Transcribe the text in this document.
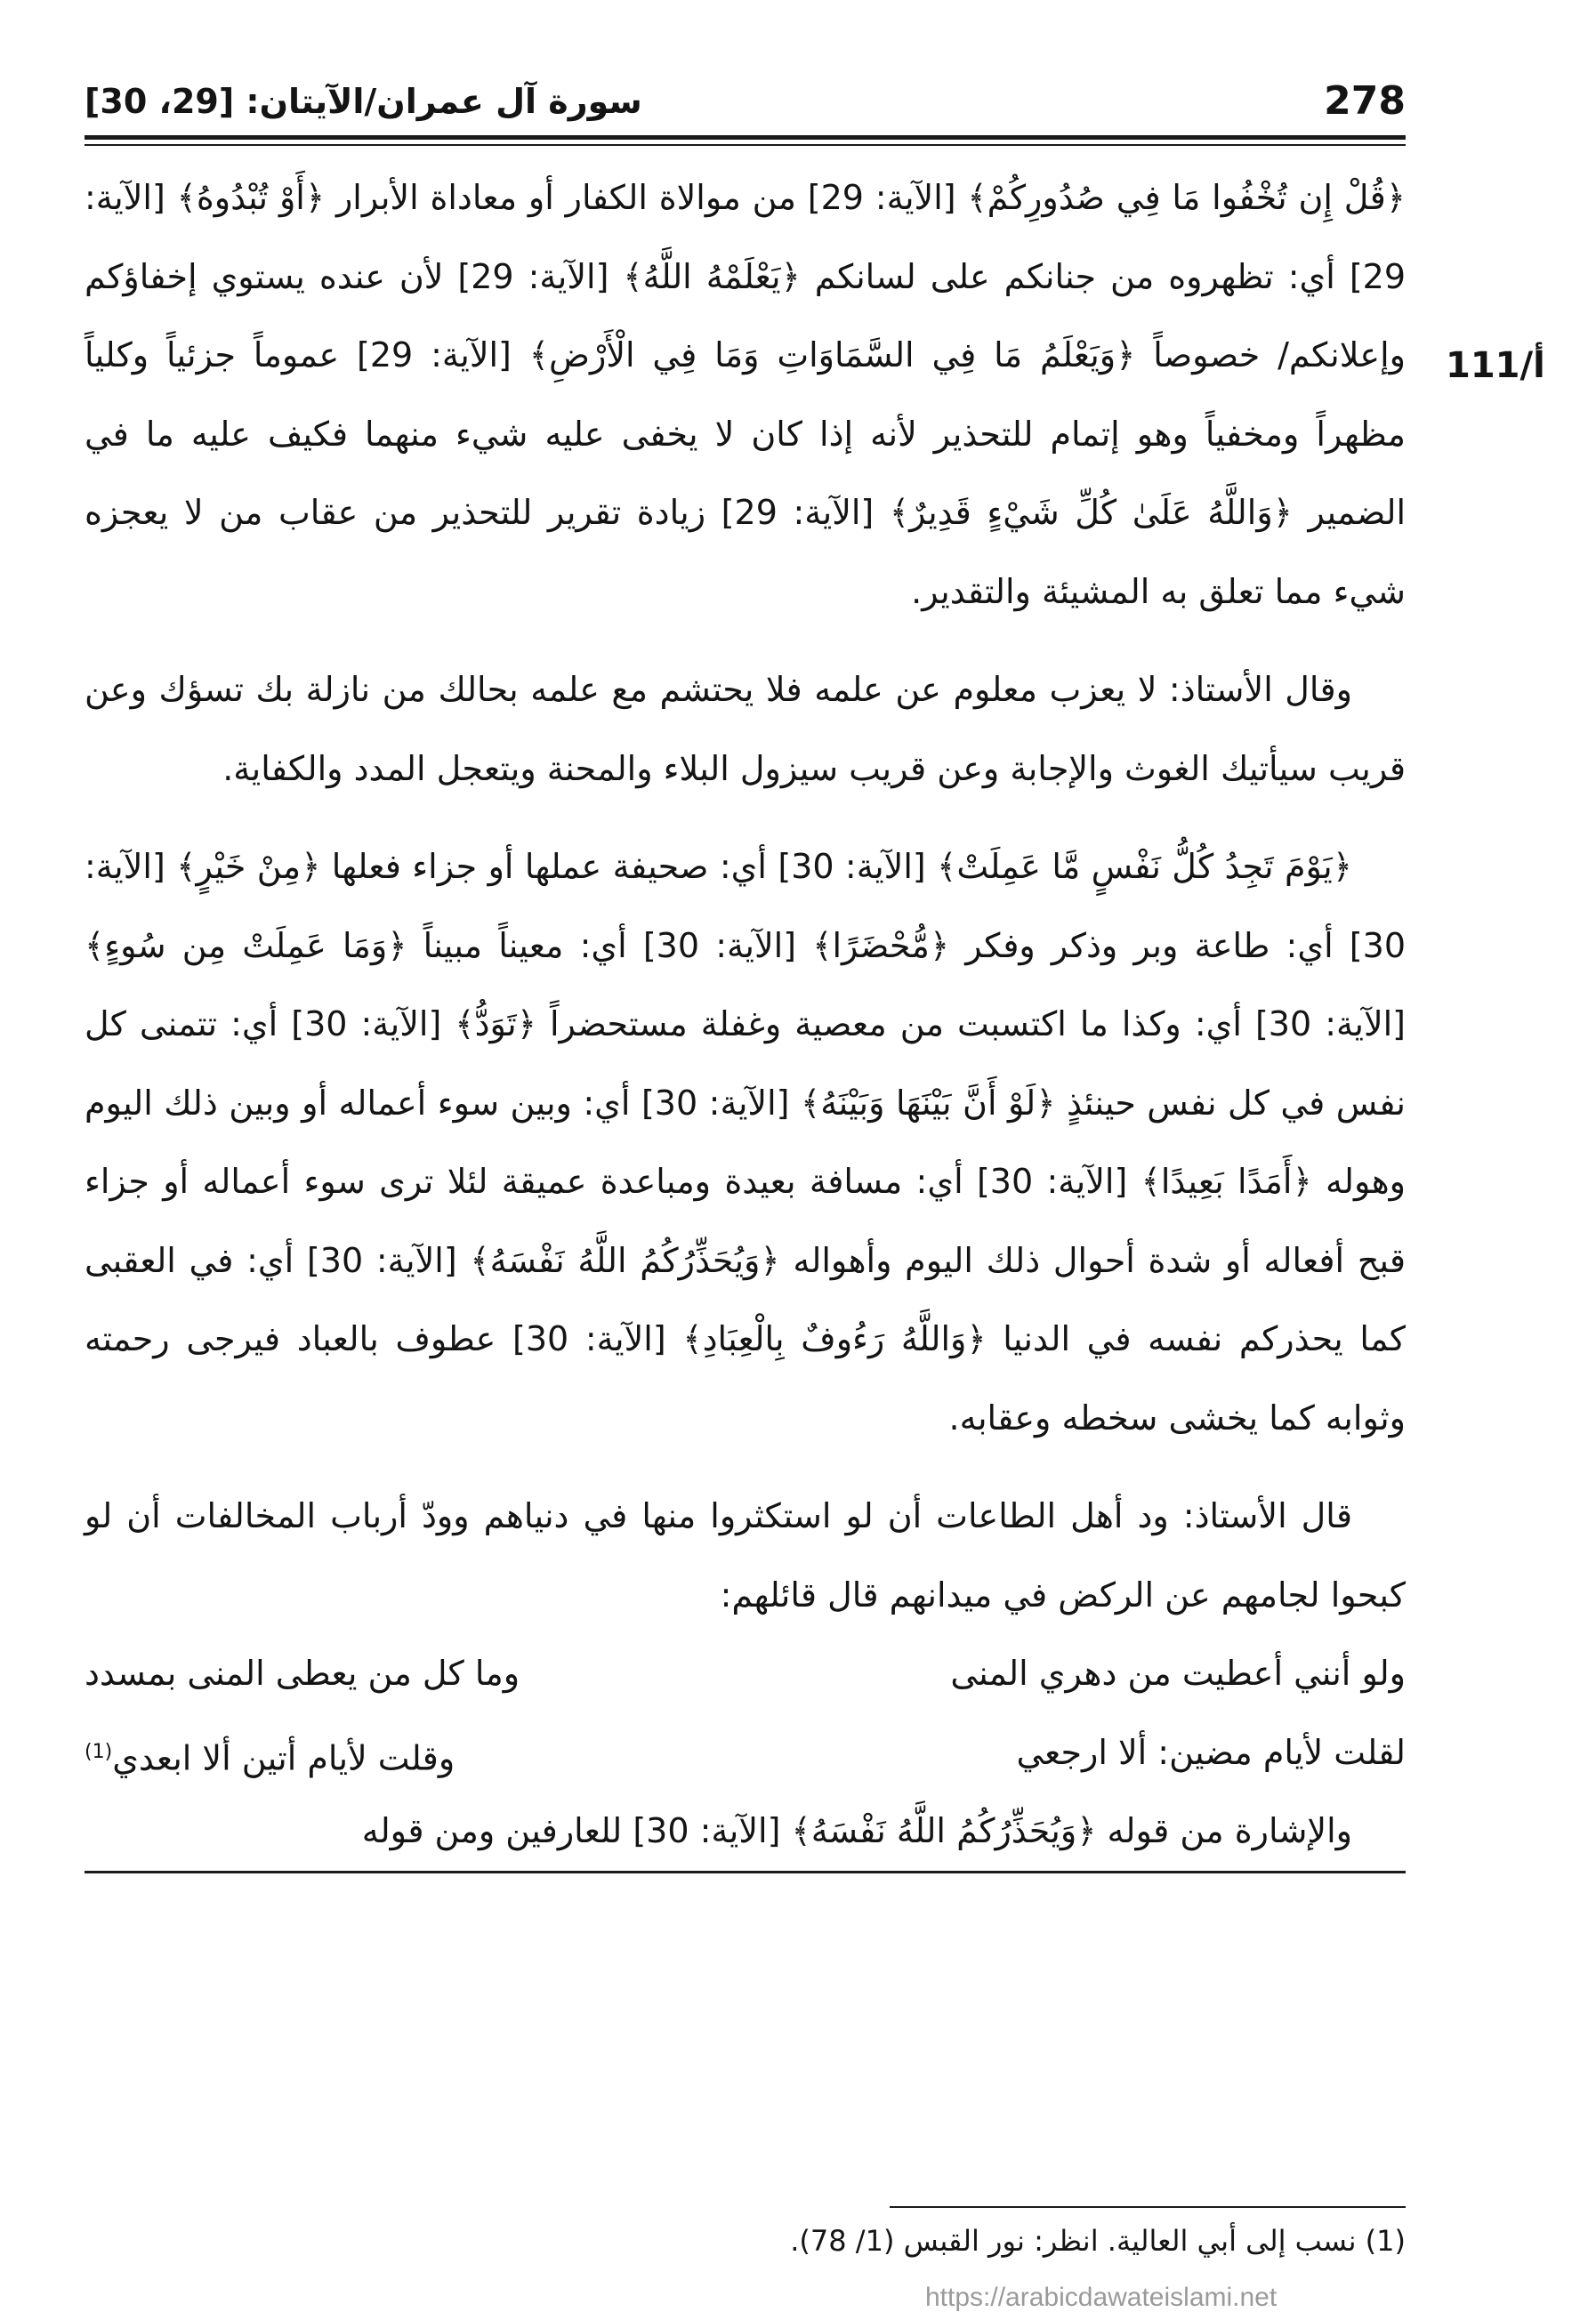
278
سورة آل عمران/الآيتان: [29، 30]
111/أ

﴿قُلْ إِن تُخْفُوا مَا فِي صُدُورِكُمْ﴾ [الآية: 29] من موالاة الكفار أو معاداة الأبرار ﴿أَوْ تُبْدُوهُ﴾ [الآية: 29] أي: تظهروه من جنانكم على لسانكم ﴿يَعْلَمْهُ اللَّهُ﴾ [الآية: 29] لأن عنده يستوي إخفاؤكم وإعلانكم/ خصوصاً ﴿وَيَعْلَمُ مَا فِي السَّمَاوَاتِ وَمَا فِي الْأَرْضِ﴾ [الآية: 29] عموماً جزئياً وكلياً مظهراً ومخفياً وهو إتمام للتحذير لأنه إذا كان لا يخفى عليه شيء منهما فكيف عليه ما في الضمير ﴿وَاللَّهُ عَلَىٰ كُلِّ شَيْءٍ قَدِيرٌ﴾ [الآية: 29] زيادة تقرير للتحذير من عقاب من لا يعجزه شيء مما تعلق به المشيئة والتقدير.

وقال الأستاذ: لا يعزب معلوم عن علمه فلا يحتشم مع علمه بحالك من نازلة بك تسؤك وعن قريب سيأتيك الغوث والإجابة وعن قريب سيزول البلاء والمحنة ويتعجل المدد والكفاية.

﴿يَوْمَ تَجِدُ كُلُّ نَفْسٍ مَّا عَمِلَتْ﴾ [الآية: 30] أي: صحيفة عملها أو جزاء فعلها ﴿مِنْ خَيْرٍ﴾ [الآية: 30] أي: طاعة وبر وذكر وفكر ﴿مُّحْضَرًا﴾ [الآية: 30] أي: معيناً مبيناً ﴿وَمَا عَمِلَتْ مِن سُوءٍ﴾ [الآية: 30] أي: وكذا ما اكتسبت من معصية وغفلة مستحضراً ﴿تَوَدُّ﴾ [الآية: 30] أي: تتمنى كل نفس في كل نفس حينئذٍ ﴿لَوْ أَنَّ بَيْنَهَا وَبَيْنَهُ﴾ [الآية: 30] أي: وبين سوء أعماله أو وبين ذلك اليوم وهوله ﴿أَمَدًا بَعِيدًا﴾ [الآية: 30] أي: مسافة بعيدة ومباعدة عميقة لئلا ترى سوء أعماله أو جزاء قبح أفعاله أو شدة أحوال ذلك اليوم وأهواله ﴿وَيُحَذِّرُكُمُ اللَّهُ نَفْسَهُ﴾ [الآية: 30] أي: في العقبى كما يحذركم نفسه في الدنيا ﴿وَاللَّهُ رَءُوفٌ بِالْعِبَادِ﴾ [الآية: 30] عطوف بالعباد فيرجى رحمته وثوابه كما يخشى سخطه وعقابه.

قال الأستاذ: ود أهل الطاعات أن لو استكثروا منها في دنياهم وودّ أرباب المخالفات أن لو كبحوا لجامهم عن الركض في ميدانهم قال قائلهم:

ولو أنني أعطيت من دهري المنى
وما كل من يعطى المنى بمسدد
لقلت لأيام مضين: ألا ارجعي
وقلت لأيام أتين ألا ابعدي$^{(1)}$

والإشارة من قوله ﴿وَيُحَذِّرُكُمُ اللَّهُ نَفْسَهُ﴾ [الآية: 30] للعارفين ومن قوله

(1) نسب إلى أبي العالية. انظر: نور القبس (1/ 78).
https://arabicdawateislami.net
